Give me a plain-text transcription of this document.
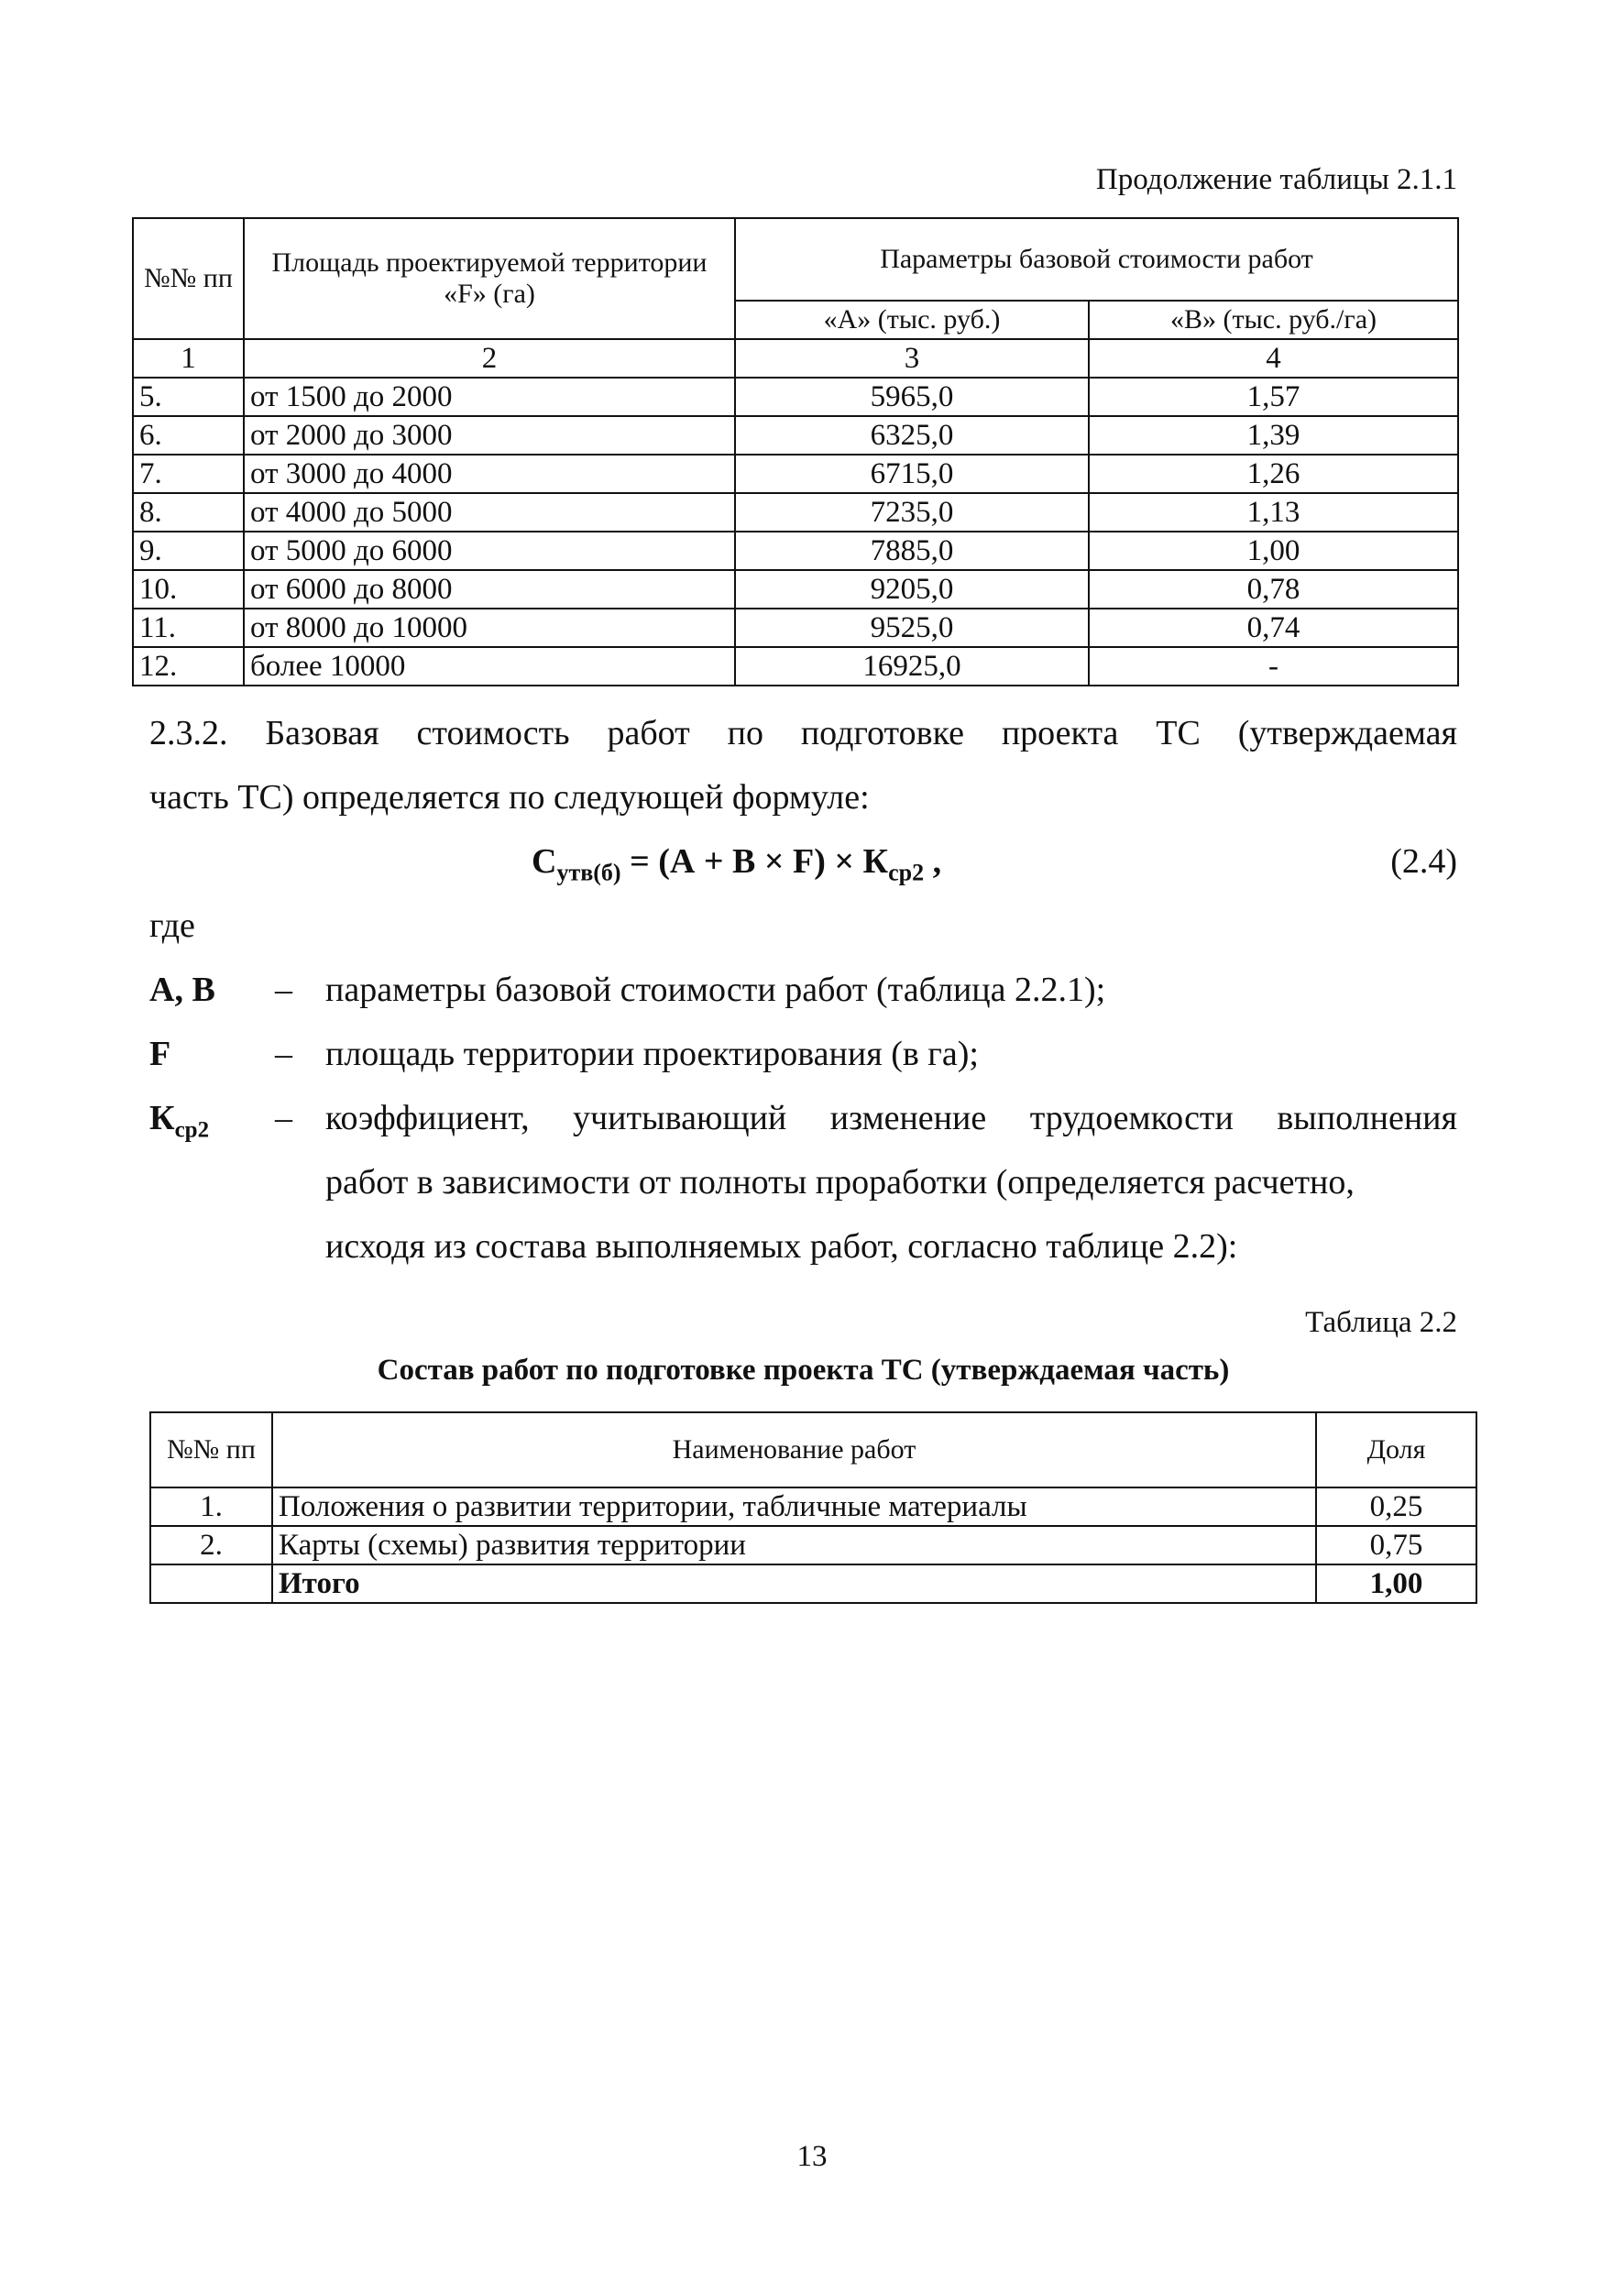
Продолжение таблицы 2.1.1
№№ пп	Площадь проектируемой территории «F» (га)	Параметры базовой стоимости работ	
		«А» (тыс. руб.)	«В» (тыс. руб./га)
1	2	3	4
5.	от 1500 до 2000	5965,0	1,57
6.	от 2000 до 3000	6325,0	1,39
7.	от 3000 до 4000	6715,0	1,26
8.	от 4000 до 5000	7235,0	1,13
9.	от 5000 до 6000	7885,0	1,00
10.	от 6000 до 8000	9205,0	0,78
11.	от 8000 до 10000	9525,0	0,74
12.	более 10000	16925,0	-
2.3.2. Базовая стоимость работ по подготовке проекта ТС (утверждаемая
часть ТС) определяется по следующей формуле:
$С_{утв(б)} = (А + В \times F) \times К_{ср2}$ ,	(2.4)
где
А, В – параметры базовой стоимости работ (таблица 2.2.1);
F	– площадь территории проектирования (в га);
$К_{ср2}$ – коэффициент, учитывающий изменение трудоемкости выполнения
работ в зависимости от полноты проработки (определяется расчетно,
исходя из состава выполняемых работ, согласно таблице 2.2):
Таблица 2.2
Состав работ по подготовке проекта ТС (утверждаемая часть)
№№ пп	Наименование работ	Доля
1.	Положения о развитии территории, табличные материалы	0,25
2.	Карты (схемы) развития территории	0,75
	Итого	1,00
13
